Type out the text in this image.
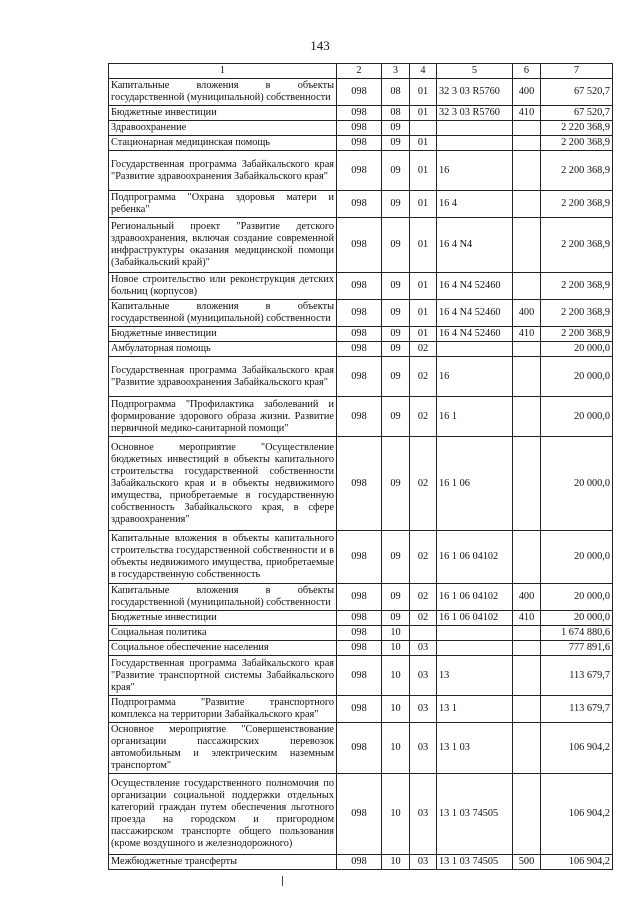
143
1	2	3	4	5	6	7
Капитальные вложения в объекты государственной (муниципальной) собственности	098	08	01	32 3 03 R5760	400	67 520,7
Бюджетные инвестиции	098	08	01	32 3 03 R5760	410	67 520,7
Здравоохранение	098	09				2 220 368,9
Стационарная медицинская помощь	098	09	01			2 200 368,9
Государственная программа Забайкальского края "Развитие здравоохранения Забайкальского края"	098	09	01	16		2 200 368,9
Подпрограмма "Охрана здоровья матери и ребенка"	098	09	01	16 4		2 200 368,9
Региональный проект "Развитие детского здравоохранения, включая создание современной инфраструктуры оказания медицинской помощи (Забайкальский край)"	098	09	01	16 4 N4		2 200 368,9
Новое строительство или реконструкция детских больниц (корпусов)	098	09	01	16 4 N4 52460		2 200 368,9
Капитальные вложения в объекты государственной (муниципальной) собственности	098	09	01	16 4 N4 52460	400	2 200 368,9
Бюджетные инвестиции	098	09	01	16 4 N4 52460	410	2 200 368,9
Амбулаторная помощь	098	09	02			20 000,0
Государственная программа Забайкальского края "Развитие здравоохранения Забайкальского края"	098	09	02	16		20 000,0
Подпрограмма "Профилактика заболеваний и формирование здорового образа жизни. Развитие первичной медико-санитарной помощи"	098	09	02	16 1		20 000,0
Основное мероприятие "Осуществление бюджетных инвестиций в объекты капитального строительства государственной собственности Забайкальского края и в объекты недвижимого имущества, приобретаемые в государственную собственность Забайкальского края, в сфере здравоохранения"	098	09	02	16 1 06		20 000,0
Капитальные вложения в объекты капитального строительства государственной собственности и в объекты недвижимого имущества, приобретаемые в государственную собственность	098	09	02	16 1 06 04102		20 000,0
Капитальные вложения в объекты государственной (муниципальной) собственности	098	09	02	16 1 06 04102	400	20 000,0
Бюджетные инвестиции	098	09	02	16 1 06 04102	410	20 000,0
Социальная политика	098	10				1 674 880,6
Социальное обеспечение населения	098	10	03			777 891,6
Государственная программа Забайкальского края "Развитие транспортной системы Забайкальского края"	098	10	03	13		113 679,7
Подпрограмма "Развитие транспортного комплекса на территории Забайкальского края"	098	10	03	13 1		113 679,7
Основное мероприятие "Совершенствование организации пассажирских перевозок автомобильным и электрическим наземным транспортом"	098	10	03	13 1 03		106 904,2
Осуществление государственного полномочия по организации социальной поддержки отдельных категорий граждан путем обеспечения льготного проезда на городском и пригородном пассажирском транспорте общего пользования (кроме воздушного и железнодорожного)	098	10	03	13 1 03 74505		106 904,2
Межбюджетные трансферты	098	10	03	13 1 03 74505	500	106 904,2
